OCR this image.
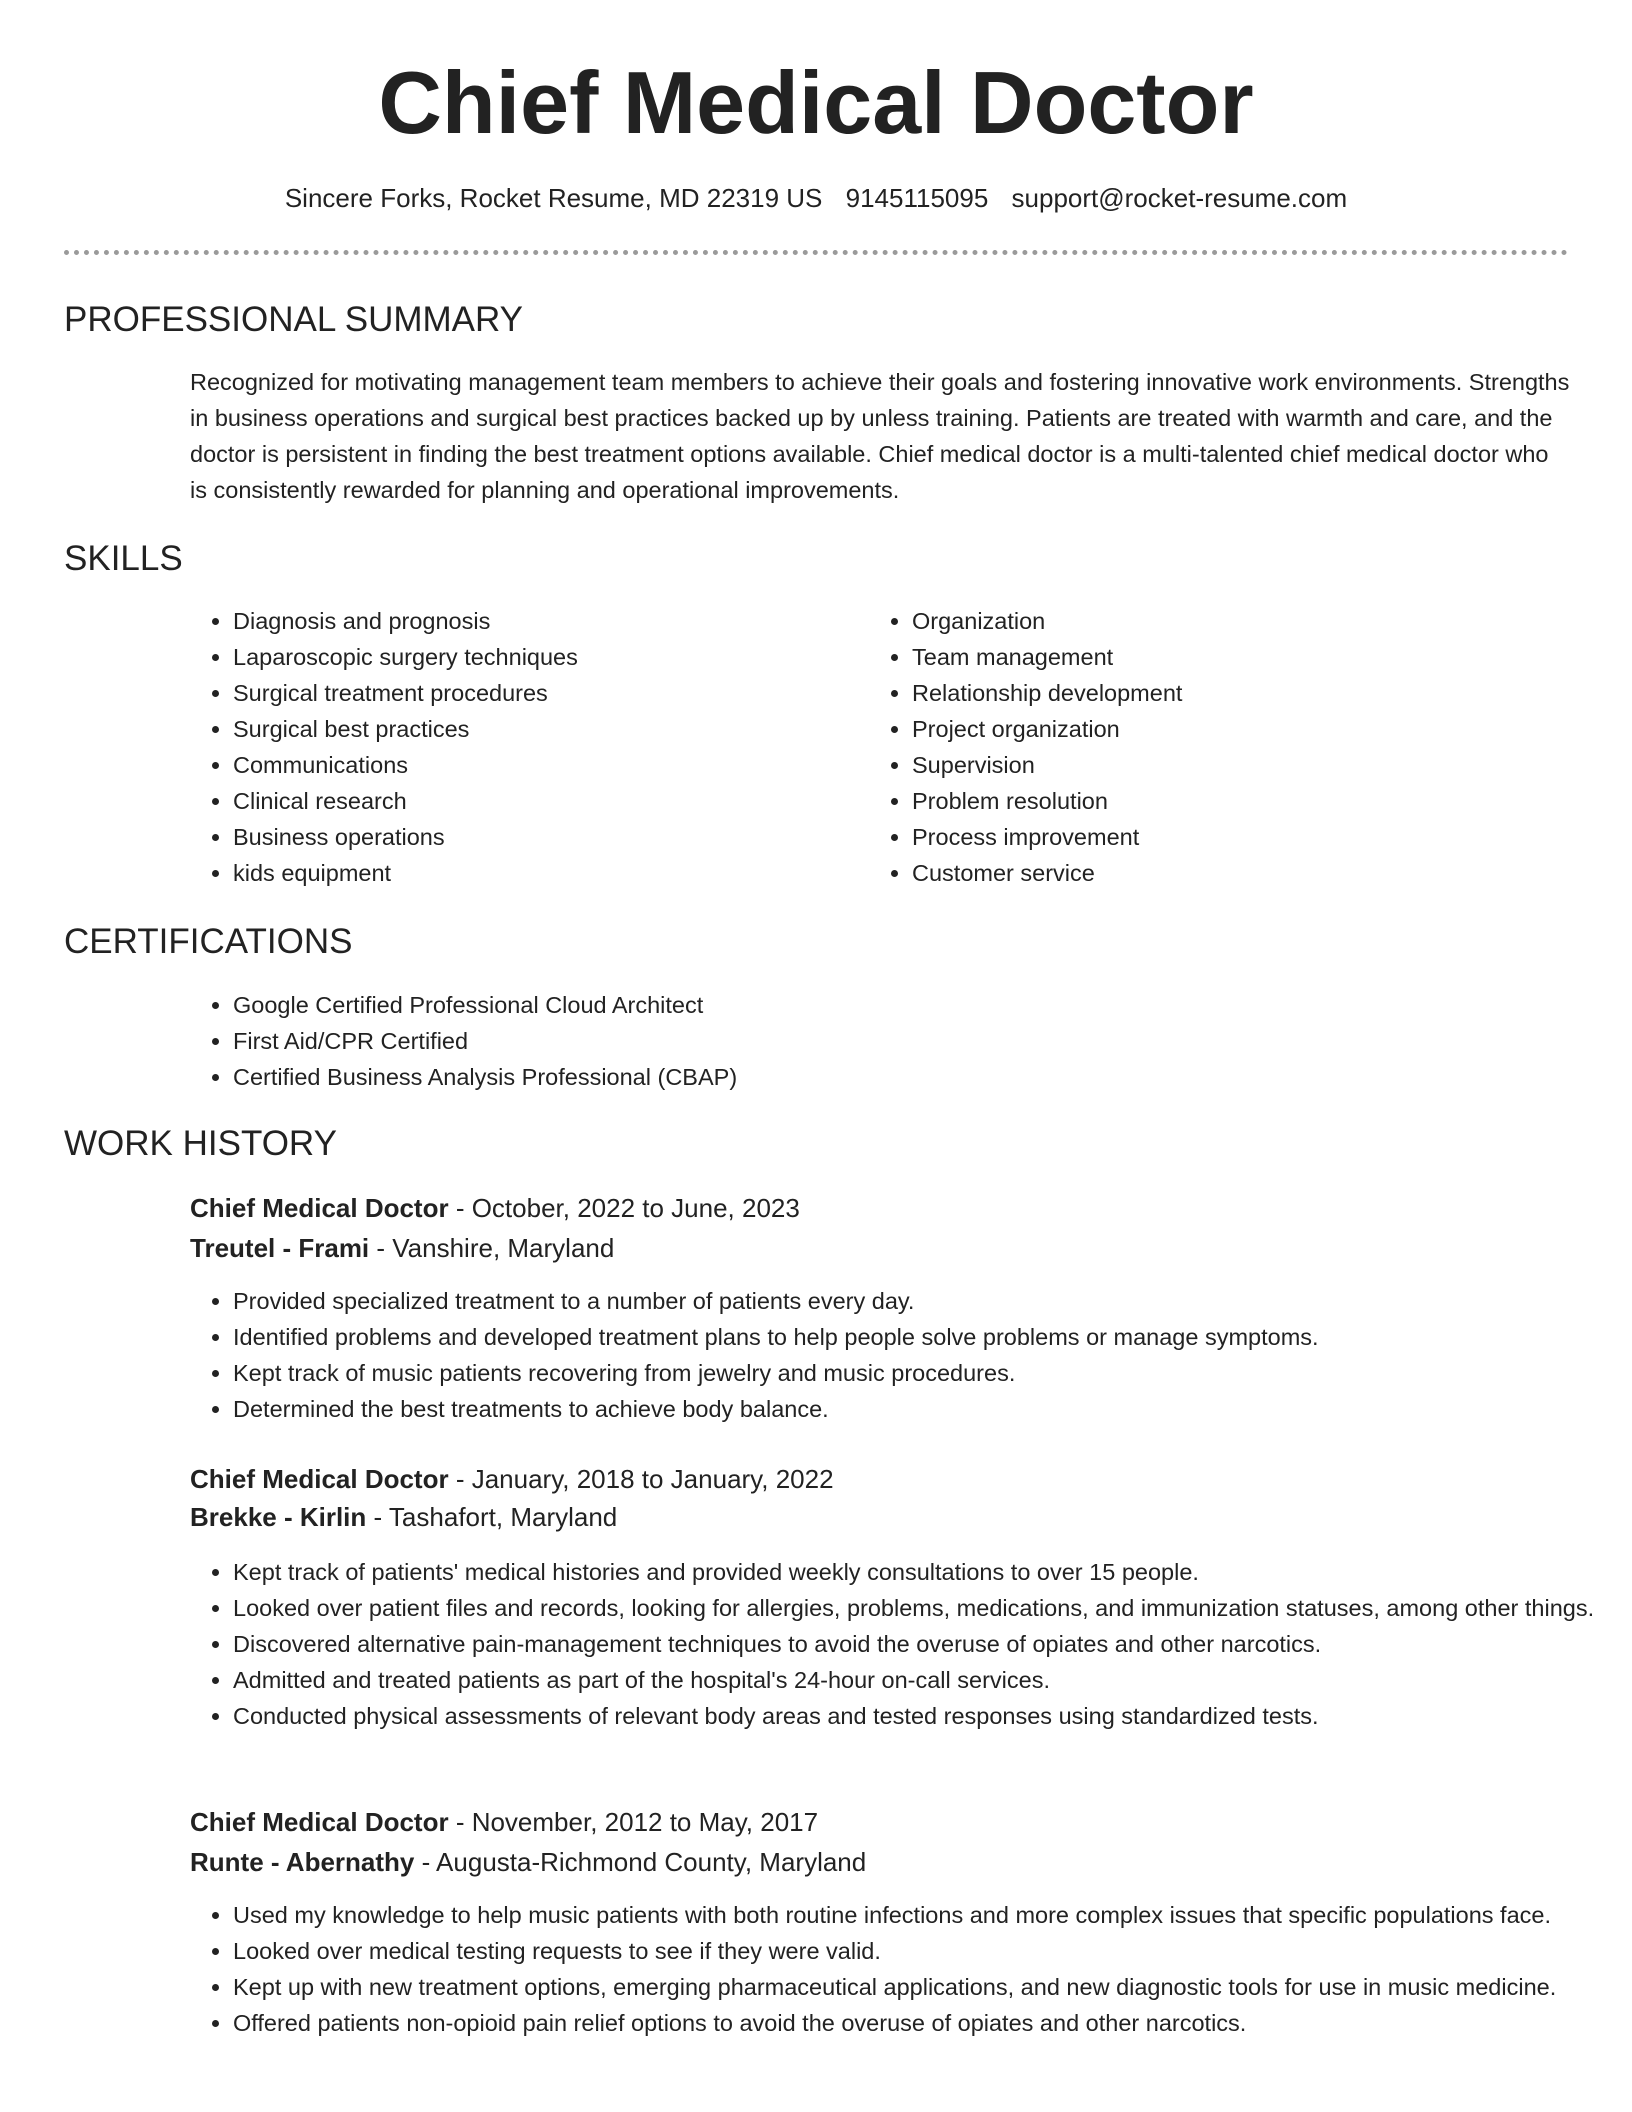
Chief Medical Doctor
Sincere Forks, Rocket Resume, MD 22319 US 9145115095 support@rocket-resume.com
PROFESSIONAL SUMMARY

Recognized for motivating management team members to achieve their goals and fostering innovative work environments. Strengths in business operations and surgical best practices backed up by unless training. Patients are treated with warmth and care, and the doctor is persistent in finding the best treatment options available. Chief medical doctor is a multi-talented chief medical doctor who is consistently rewarded for planning and operational improvements.

SKILLS
• Diagnosis and prognosis
• Laparoscopic surgery techniques
• Surgical treatment procedures
• Surgical best practices
• Communications
• Clinical research
• Business operations
• kids equipment
• Organization
• Team management
• Relationship development
• Project organization
• Supervision
• Problem resolution
• Process improvement
• Customer service
CERTIFICATIONS
• Google Certified Professional Cloud Architect
• First Aid/CPR Certified
• Certified Business Analysis Professional (CBAP)
WORK HISTORY
Chief Medical Doctor - October, 2022 to June, 2023
Treutel - Frami - Vanshire, Maryland
• Provided specialized treatment to a number of patients every day.
• Identified problems and developed treatment plans to help people solve problems or manage symptoms.
• Kept track of music patients recovering from jewelry and music procedures.
• Determined the best treatments to achieve body balance.
Chief Medical Doctor - January, 2018 to January, 2022
Brekke - Kirlin - Tashafort, Maryland
• Kept track of patients' medical histories and provided weekly consultations to over 15 people.
• Looked over patient files and records, looking for allergies, problems, medications, and immunization statuses, among other things.
• Discovered alternative pain-management techniques to avoid the overuse of opiates and other narcotics.
• Admitted and treated patients as part of the hospital's 24-hour on-call services.
• Conducted physical assessments of relevant body areas and tested responses using standardized tests.
Chief Medical Doctor - November, 2012 to May, 2017
Runte - Abernathy - Augusta-Richmond County, Maryland
• Used my knowledge to help music patients with both routine infections and more complex issues that specific populations face.
• Looked over medical testing requests to see if they were valid.
• Kept up with new treatment options, emerging pharmaceutical applications, and new diagnostic tools for use in music medicine.
• Offered patients non-opioid pain relief options to avoid the overuse of opiates and other narcotics.
